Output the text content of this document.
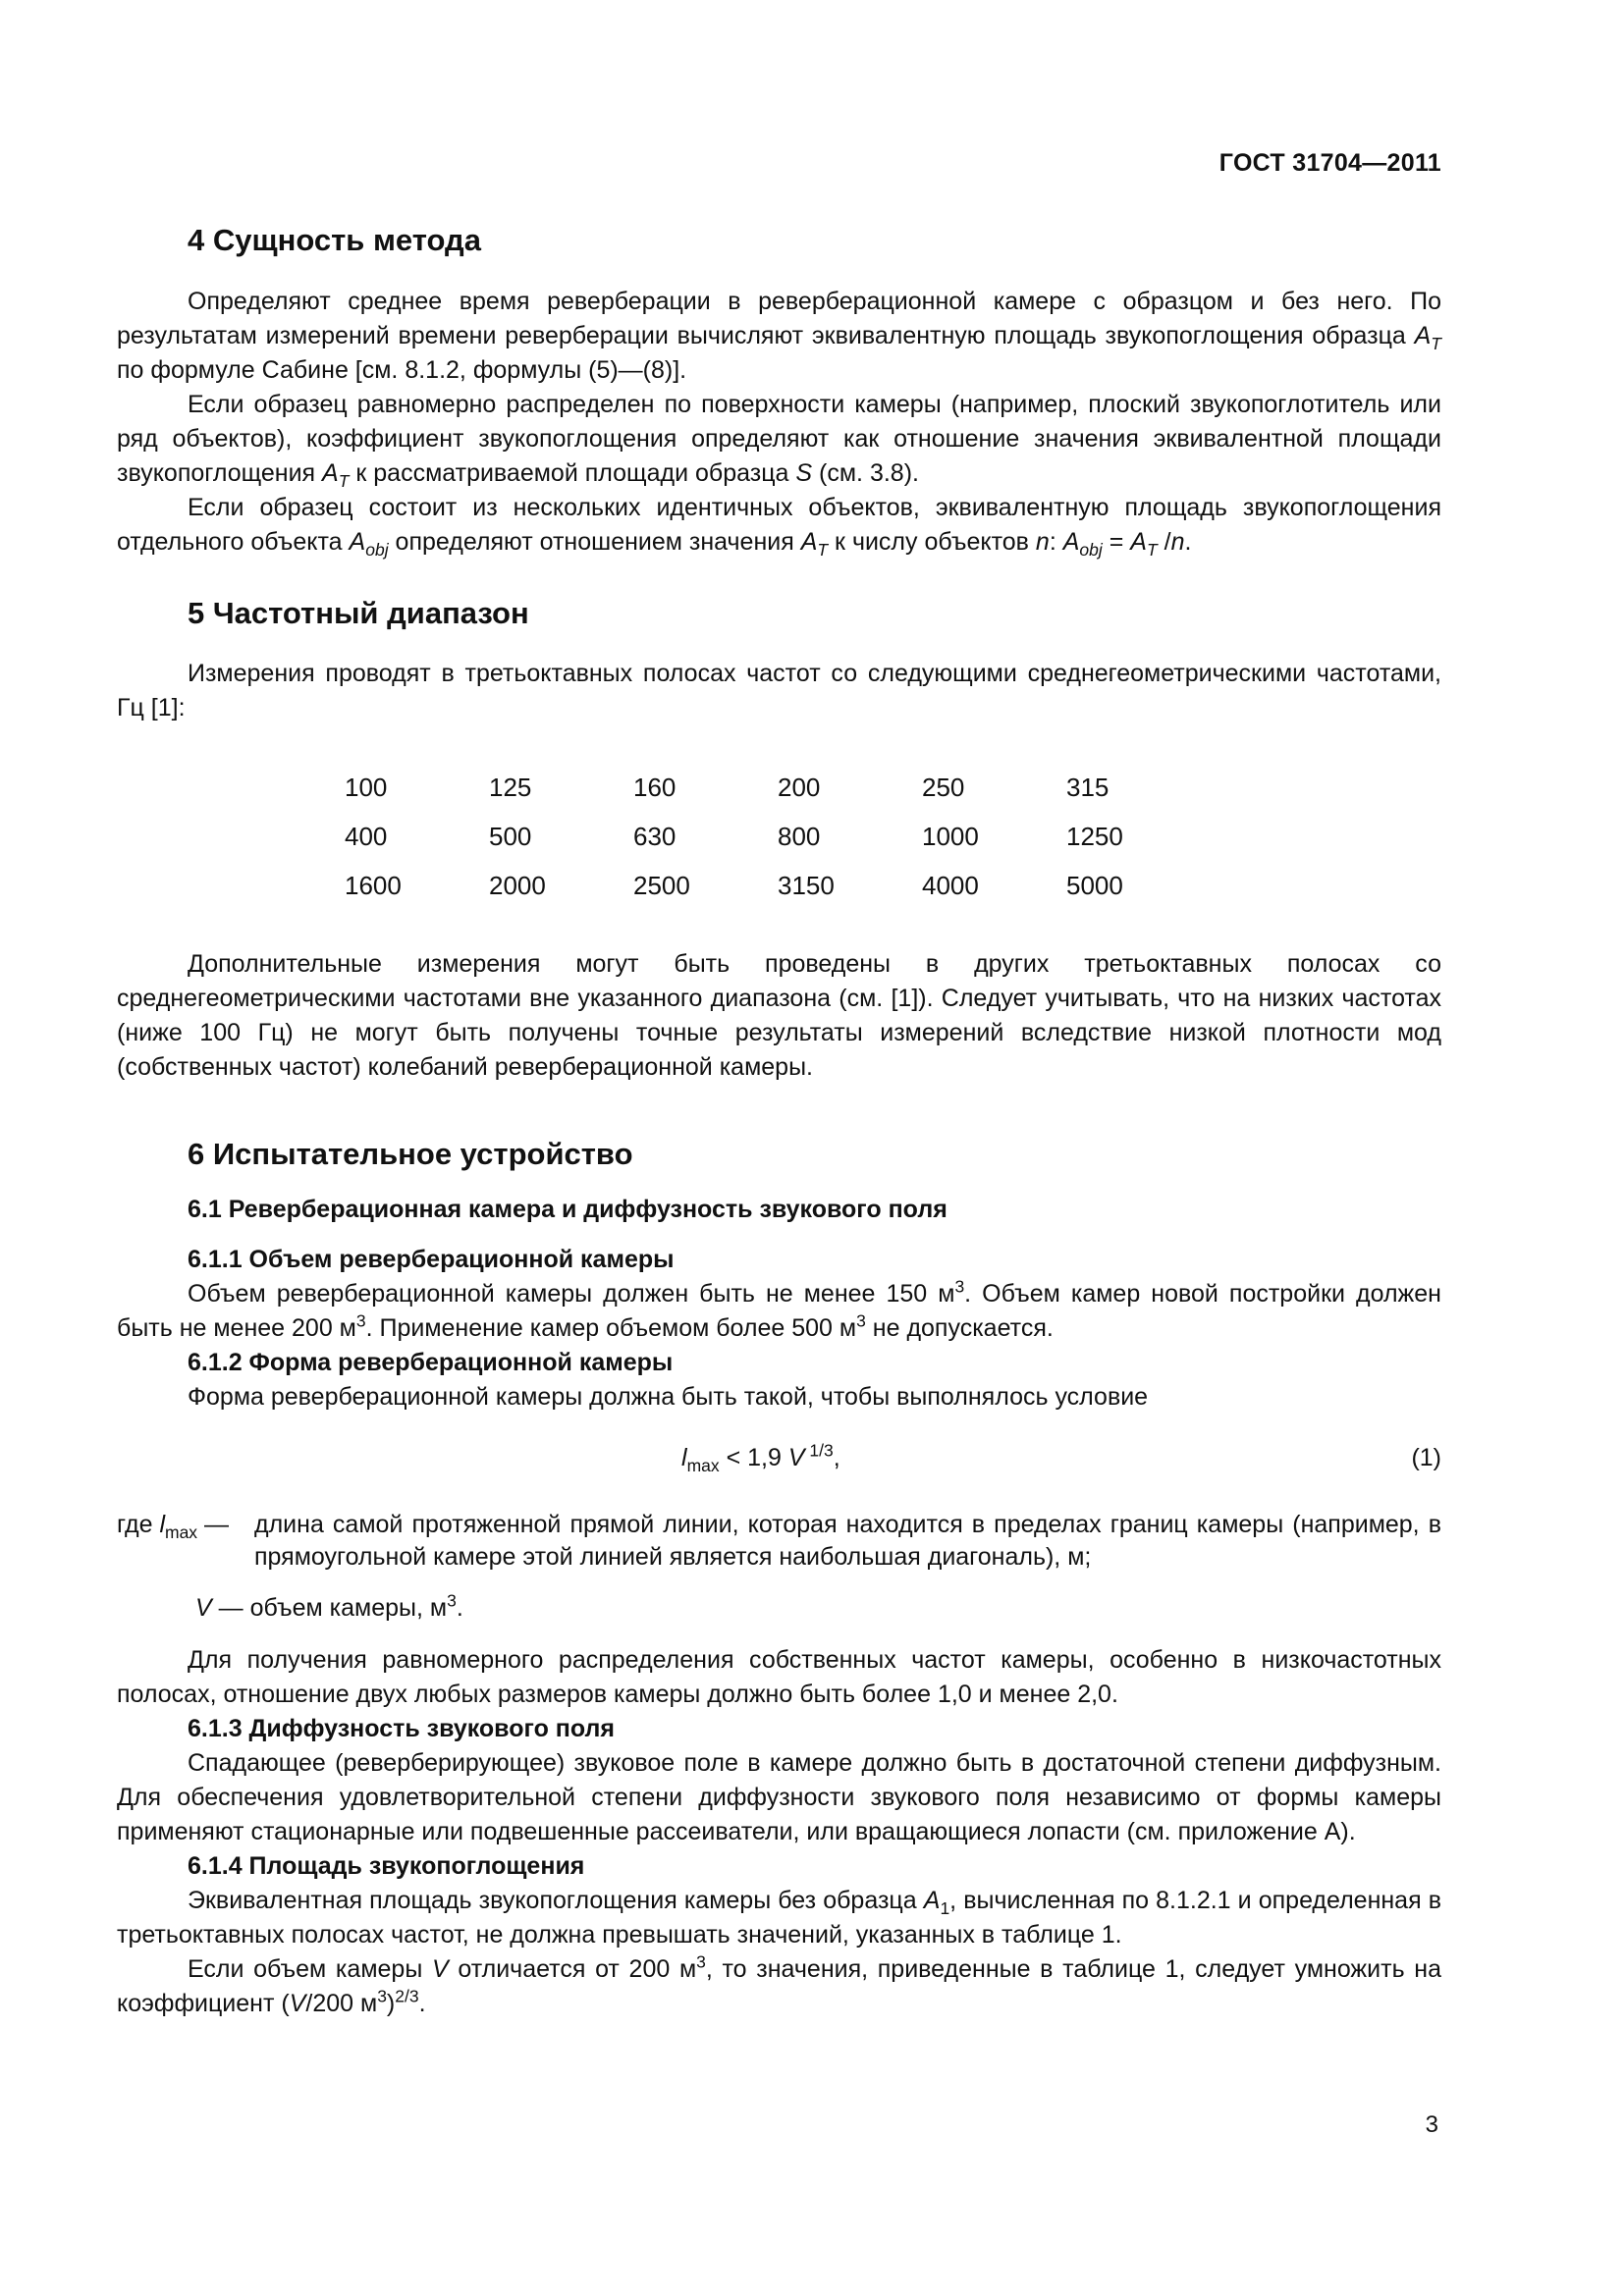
ГОСТ 31704—2011
4 Сущность метода

Определяют среднее время реверберации в реверберационной камере с образцом и без него. По результатам измерений времени реверберации вычисляют эквивалентную площадь звукопоглощения образца $A_T$ по формуле Сабине [см. 8.1.2, формулы (5)—(8)].

Если образец равномерно распределен по поверхности камеры (например, плоский звукопоглотитель или ряд объектов), коэффициент звукопоглощения определяют как отношение значения эквивалентной площади звукопоглощения $A_T$ к рассматриваемой площади образца S (см. 3.8).

Если образец состоит из нескольких идентичных объектов, эквивалентную площадь звукопоглощения отдельного объекта $A_{obj}$ определяют отношением значения $A_T$ к числу объектов n: $A_{obj} = A_T$ /n.

5 Частотный диапазон

Измерения проводят в третьоктавных полосах частот со следующими среднегеометрическими частотами, Гц [1]:

100	125	160	200	250	315
400	500	630	800	1000	1250
1600	2000	2500	3150	4000	5000

Дополнительные измерения могут быть проведены в других третьоктавных полосах со среднегеометрическими частотами вне указанного диапазона (см. [1]). Следует учитывать, что на низких частотах (ниже 100 Гц) не могут быть получены точные результаты измерений вследствие низкой плотности мод (собственных частот) колебаний реверберационной камеры.

6 Испытательное устройство
6.1 Реверберационная камера и диффузность звукового поля
6.1.1 Объем реверберационной камеры

Объем реверберационной камеры должен быть не менее 150 $м^3$. Объем камер новой постройки должен быть не менее 200 $м^3$. Применение камер объемом более 500 $м^3$ не допускается.

6.1.2 Форма реверберационной камеры

Форма реверберационной камеры должна быть такой, чтобы выполнялось условие

$l_{max} < 1,9$ V $^{1/3}$,	(1)
где $l_{max}$ —	длина самой протяженной прямой линии, которая находится в пределах границ камеры (например, в прямоугольной камере этой линией является наибольшая диагональ), м;
V — объем камеры, $м^3$.

Для получения равномерного распределения собственных частот камеры, особенно в низкочастотных полосах, отношение двух любых размеров камеры должно быть более 1,0 и менее 2,0.

6.1.3 Диффузность звукового поля

Спадающее (реверберирующее) звуковое поле в камере должно быть в достаточной степени диффузным. Для обеспечения удовлетворительной степени диффузности звукового поля независимо от формы камеры применяют стационарные или подвешенные рассеиватели, или вращающиеся лопасти (см. приложение А).

6.1.4 Площадь звукопоглощения

Эквивалентная площадь звукопоглощения камеры без образца $A_1$, вычисленная по 8.1.2.1 и определенная в третьоктавных полосах частот, не должна превышать значений, указанных в таблице 1.

Если объем камеры V отличается от 200 $м^3$, то значения, приведенные в таблице 1, следует умножить на коэффициент (V/200 $м^3)^{2/3}$.

3
